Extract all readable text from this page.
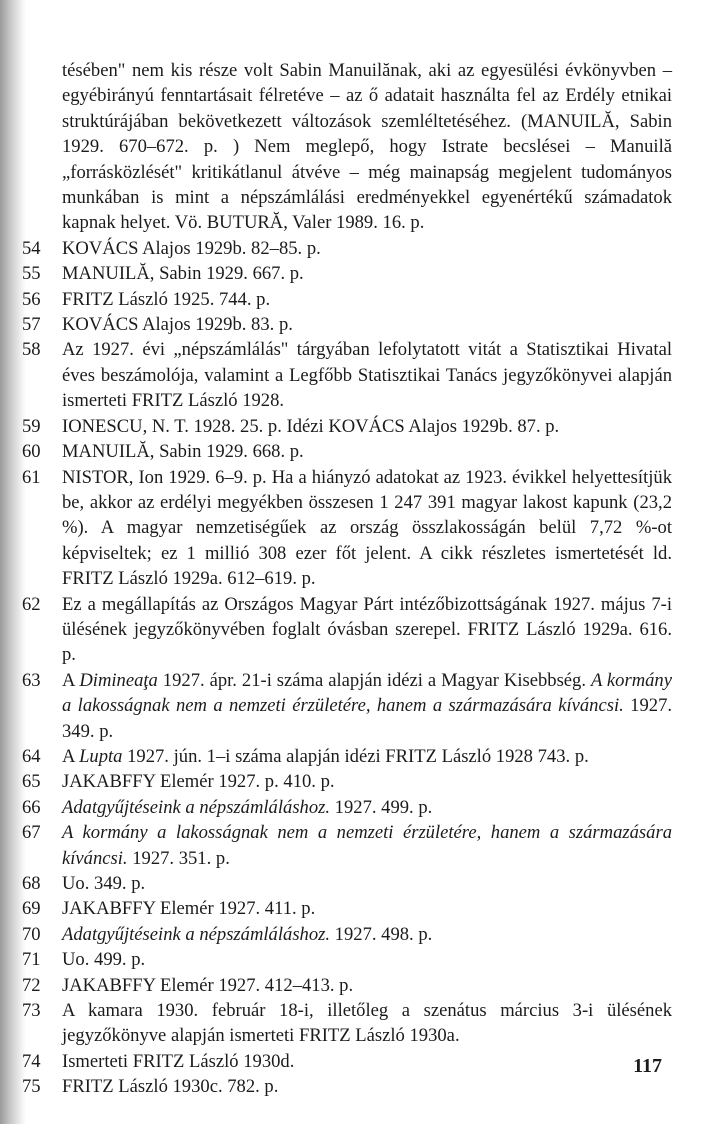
tésében" nem kis része volt Sabin Manuilănak, aki az egyesülési évkönyvben – egyébirányú fenntartásait félretéve – az ő adatait használta fel az Erdély etnikai struktúrájában bekövetkezett változások szemléltetéséhez. (MANUILĂ, Sabin 1929. 670–672. p. ) Nem meglepő, hogy Istrate becslései – Manuilă „forrásközlését" kritikátlanul átvéve – még mainapság megjelent tudományos munkában is mint a népszámlálási eredményekkel egyenértékű számadatok kapnak helyet. Vö. BUTURĂ, Valer 1989. 16. p.
54	KOVÁCS Alajos 1929b. 82–85. p.
55	MANUILĂ, Sabin 1929. 667. p.
56	FRITZ László 1925. 744. p.
57	KOVÁCS Alajos 1929b. 83. p.
58	Az 1927. évi „népszámlálás" tárgyában lefolytatott vitát a Statisztikai Hivatal éves beszámolója, valamint a Legfőbb Statisztikai Tanács jegyzőkönyvei alapján ismerteti FRITZ László 1928.
59	IONESCU, N. T. 1928. 25. p. Idézi KOVÁCS Alajos 1929b. 87. p.
60	MANUILĂ, Sabin 1929. 668. p.
61	NISTOR, Ion 1929. 6–9. p. Ha a hiányzó adatokat az 1923. évikkel helyettesítjük be, akkor az erdélyi megyékben összesen 1 247 391 magyar lakost kapunk (23,2 %). A magyar nemzetiségűek az ország összlakosságán belül 7,72 %-ot képviseltek; ez 1 millió 308 ezer főt jelent. A cikk részletes ismertetését ld. FRITZ László 1929a. 612–619. p.
62	Ez a megállapítás az Országos Magyar Párt intézőbizottságának 1927. május 7-i ülésének jegyzőkönyvében foglalt óvásban szerepel. FRITZ László 1929a. 616. p.
63	A Dimineaţa 1927. ápr. 21-i száma alapján idézi a Magyar Kisebbség. A kormány a lakosságnak nem a nemzeti érzületére, hanem a származására kíváncsi. 1927. 349. p.
64	A Lupta 1927. jún. 1–i száma alapján idézi FRITZ László 1928 743. p.
65	JAKABFFY Elemér 1927. p. 410. p.
66	Adatgyűjtéseink a népszámláláshoz. 1927. 499. p.
67	A kormány a lakosságnak nem a nemzeti érzületére, hanem a származására kíváncsi. 1927. 351. p.
68	Uo. 349. p.
69	JAKABFFY Elemér 1927. 411. p.
70	Adatgyűjtéseink a népszámláláshoz. 1927. 498. p.
71	Uo. 499. p.
72	JAKABFFY Elemér 1927. 412–413. p.
73	A kamara 1930. február 18-i, illetőleg a szenátus március 3-i ülésének jegyzőkönyve alapján ismerteti FRITZ László 1930a.
74	Ismerteti FRITZ László 1930d.
75	FRITZ László 1930c. 782. p.
117
